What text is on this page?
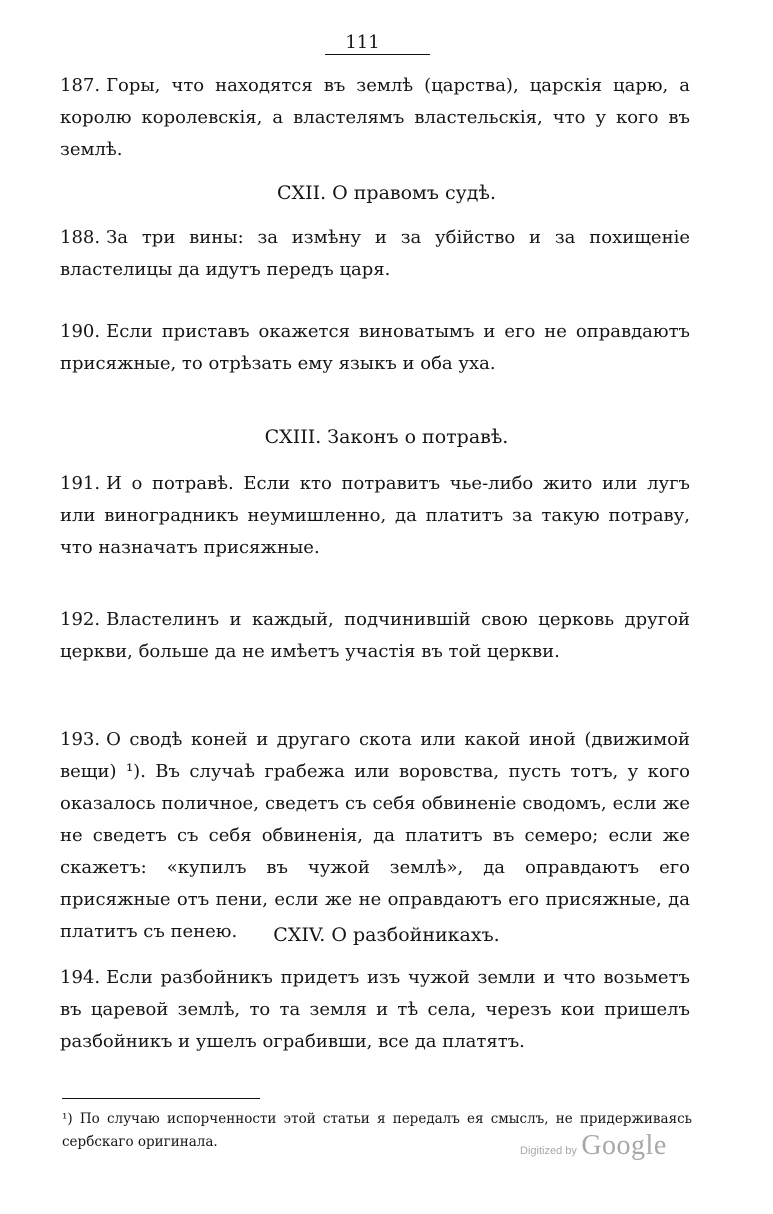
111

187. Горы, что находятся въ землѣ (царства), царскія царю, а королю королевскія, а властелямъ властельскія, что у кого въ землѣ.

CXII. О правомъ судѣ.

188. За три вины: за измѣну и за убійство и за похищеніе властелицы да идутъ передъ царя.

190. Если приставъ окажется виноватымъ и его не оправдаютъ присяжные, то отрѣзать ему языкъ и оба уха.

CXIII. Законъ о потравѣ.

191. И о потравѣ. Если кто потравитъ чье-либо жито или лугъ или виноградникъ неумишленно, да платитъ за такую потраву, что назначатъ присяжные.

192. Властелинъ и каждый, подчинившій свою церковь другой церкви, больше да не имѣетъ участія въ той церкви.

193. О сводѣ коней и другаго скота или какой иной (движимой вещи) ¹). Въ случаѣ грабежа или воровства, пусть тотъ, у кого оказалось поличное, сведетъ съ себя обвиненіе сводомъ, если же не сведетъ съ себя обвиненія, да платитъ въ семеро; если же скажетъ: «купилъ въ чужой землѣ», да оправдаютъ его присяжные отъ пени, если же не оправдаютъ его присяжные, да платитъ съ пенею.	CXIV. О разбойникахъ.

194. Если разбойникъ придетъ изъ чужой земли и что возьметъ въ царевой землѣ, то та земля и тѣ села, черезъ кои пришелъ разбойникъ и ушелъ ограбивши, все да платятъ.

¹) По случаю испорченности этой статьи я передалъ ея смыслъ, не придерживаясь сербскаго оригинала.

Digitized by Google
